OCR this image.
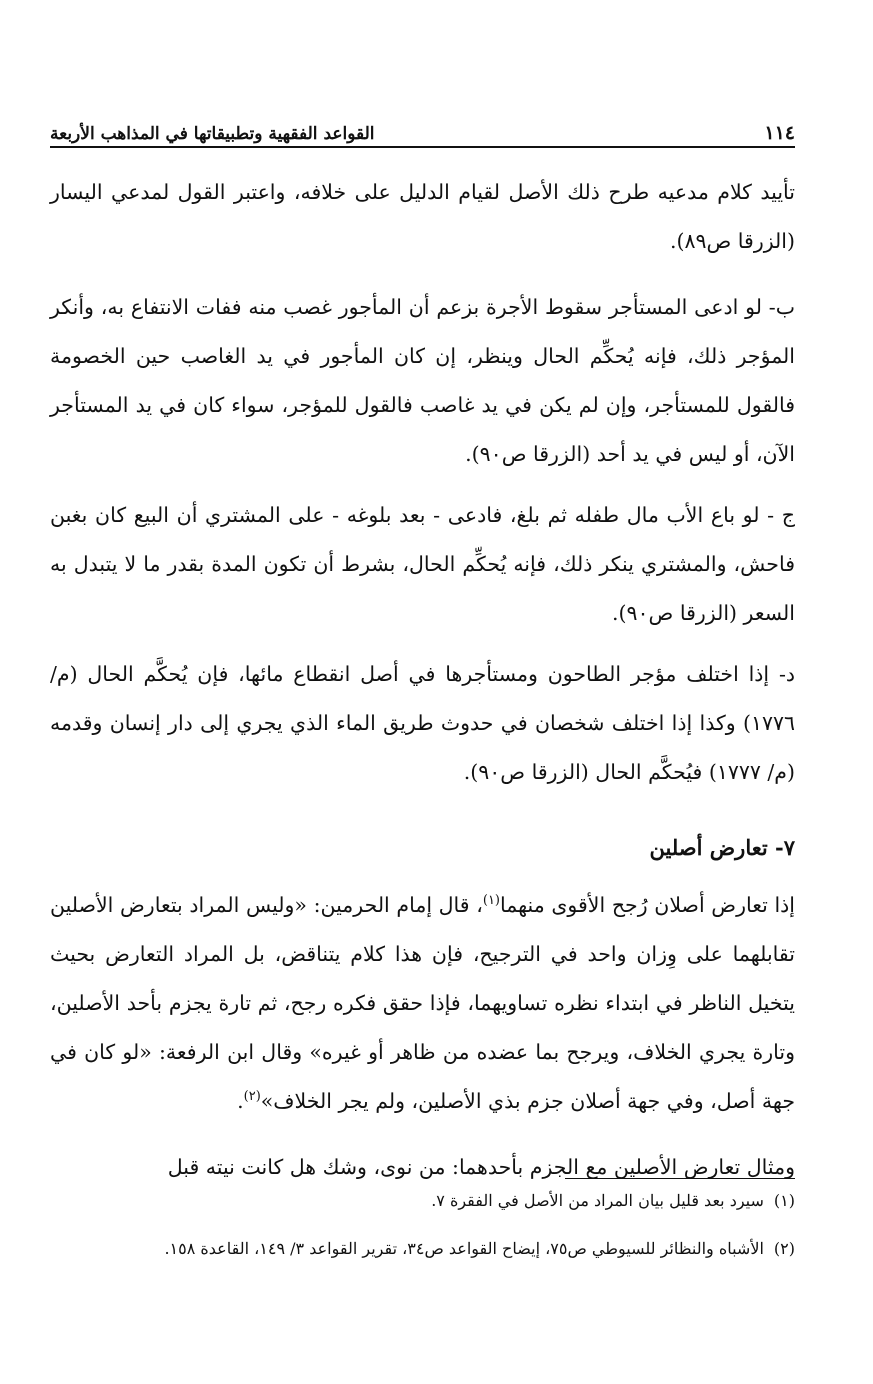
١١٤
القواعد الفقهية وتطبيقاتها في المذاهب الأربعة

تأييد كلام مدعيه طرح ذلك الأصل لقيام الدليل على خلافه، واعتبر القول لمدعي اليسار (الزرقا ص٨٩).

ب- لو ادعى المستأجر سقوط الأجرة بزعم أن المأجور غصب منه ففات الانتفاع به، وأنكر المؤجر ذلك، فإنه يُحكِّم الحال وينظر، إن كان المأجور في يد الغاصب حين الخصومة فالقول للمستأجر، وإن لم يكن في يد غاصب فالقول للمؤجر، سواء كان في يد المستأجر الآن، أو ليس في يد أحد (الزرقا ص٩٠).

ج - لو باع الأب مال طفله ثم بلغ، فادعى - بعد بلوغه - على المشتري أن البيع كان بغبن فاحش، والمشتري ينكر ذلك، فإنه يُحكِّم الحال، بشرط أن تكون المدة بقدر ما لا يتبدل به السعر (الزرقا ص٩٠).

د- إذا اختلف مؤجر الطاحون ومستأجرها في أصل انقطاع مائها، فإن يُحكَّم الحال (م/ ١٧٧٦) وكذا إذا اختلف شخصان في حدوث طريق الماء الذي يجري إلى دار إنسان وقدمه (م/ ١٧٧٧) فيُحكَّم الحال (الزرقا ص٩٠).

٧- تعارض أصلين

إذا تعارض أصلان رُجح الأقوى منهما$^{(١)}$، قال إمام الحرمين: «وليس المراد بتعارض الأصلين تقابلهما على وِزان واحد في الترجيح، فإن هذا كلام يتناقض، بل المراد التعارض بحيث يتخيل الناظر في ابتداء نظره تساويهما، فإذا حقق فكره رجح، ثم تارة يجزم بأحد الأصلين، وتارة يجري الخلاف، ويرجح بما عضده من ظاهر أو غيره» وقال ابن الرفعة: «لو كان في جهة أصل، وفي جهة أصلان جزم بذي الأصلين، ولم يجر الخلاف»$^{(٢)}$.

ومثال تعارض الأصلين مع الجزم بأحدهما: من نوى، وشك هل كانت نيته قبل

(١)
سيرد بعد قليل بيان المراد من الأصل في الفقرة ٧.
(٢)
الأشباه والنظائر للسيوطي ص٧٥، إيضاح القواعد ص٣٤، تقرير القواعد ٣/ ١٤٩، القاعدة ١٥٨.
